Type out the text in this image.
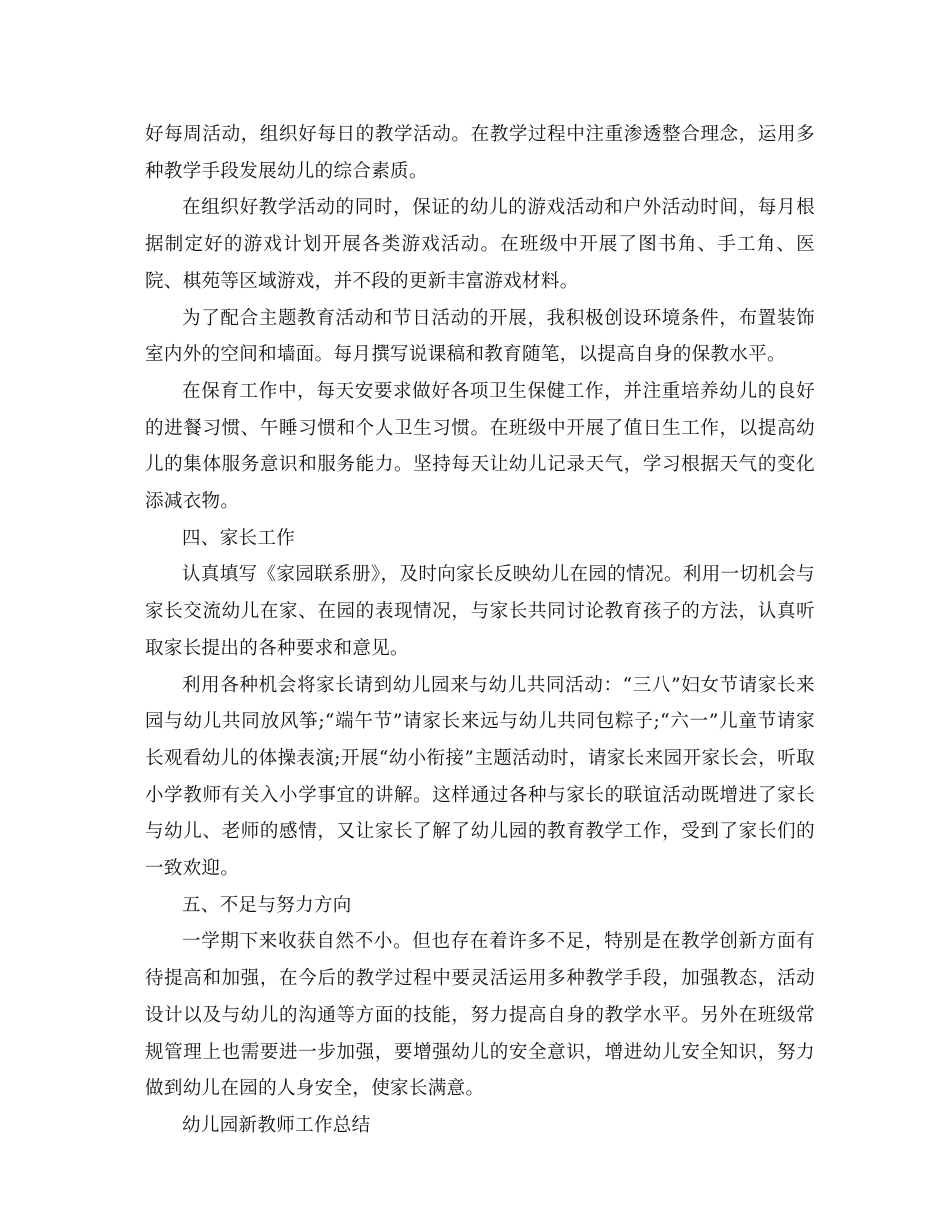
好每周活动，组织好每日的教学活动。在教学过程中注重渗透整合理念，运用多种教学手段发展幼儿的综合素质。

在组织好教学活动的同时，保证的幼儿的游戏活动和户外活动时间，每月根据制定好的游戏计划开展各类游戏活动。在班级中开展了图书角、手工角、医院、棋苑等区域游戏，并不段的更新丰富游戏材料。

为了配合主题教育活动和节日活动的开展，我积极创设环境条件，布置装饰室内外的空间和墙面。每月撰写说课稿和教育随笔，以提高自身的保教水平。

在保育工作中，每天安要求做好各项卫生保健工作，并注重培养幼儿的良好的进餐习惯、午睡习惯和个人卫生习惯。在班级中开展了值日生工作，以提高幼儿的集体服务意识和服务能力。坚持每天让幼儿记录天气，学习根据天气的变化添减衣物。

四、家长工作

认真填写《家园联系册》，及时向家长反映幼儿在园的情况。利用一切机会与家长交流幼儿在家、在园的表现情况，与家长共同讨论教育孩子的方法，认真听取家长提出的各种要求和意见。

利用各种机会将家长请到幼儿园来与幼儿共同活动：“三八”妇女节请家长来园与幼儿共同放风筝;“端午节”请家长来远与幼儿共同包粽子;“六一”儿童节请家长观看幼儿的体操表演;开展“幼小衔接”主题活动时，请家长来园开家长会，听取小学教师有关入小学事宜的讲解。这样通过各种与家长的联谊活动既增进了家长与幼儿、老师的感情，又让家长了解了幼儿园的教育教学工作，受到了家长们的一致欢迎。

五、不足与努力方向

一学期下来收获自然不小。但也存在着许多不足，特别是在教学创新方面有待提高和加强，在今后的教学过程中要灵活运用多种教学手段，加强教态，活动设计以及与幼儿的沟通等方面的技能，努力提高自身的教学水平。另外在班级常规管理上也需要进一步加强，要增强幼儿的安全意识，增进幼儿安全知识，努力做到幼儿在园的人身安全，使家长满意。

幼儿园新教师工作总结
